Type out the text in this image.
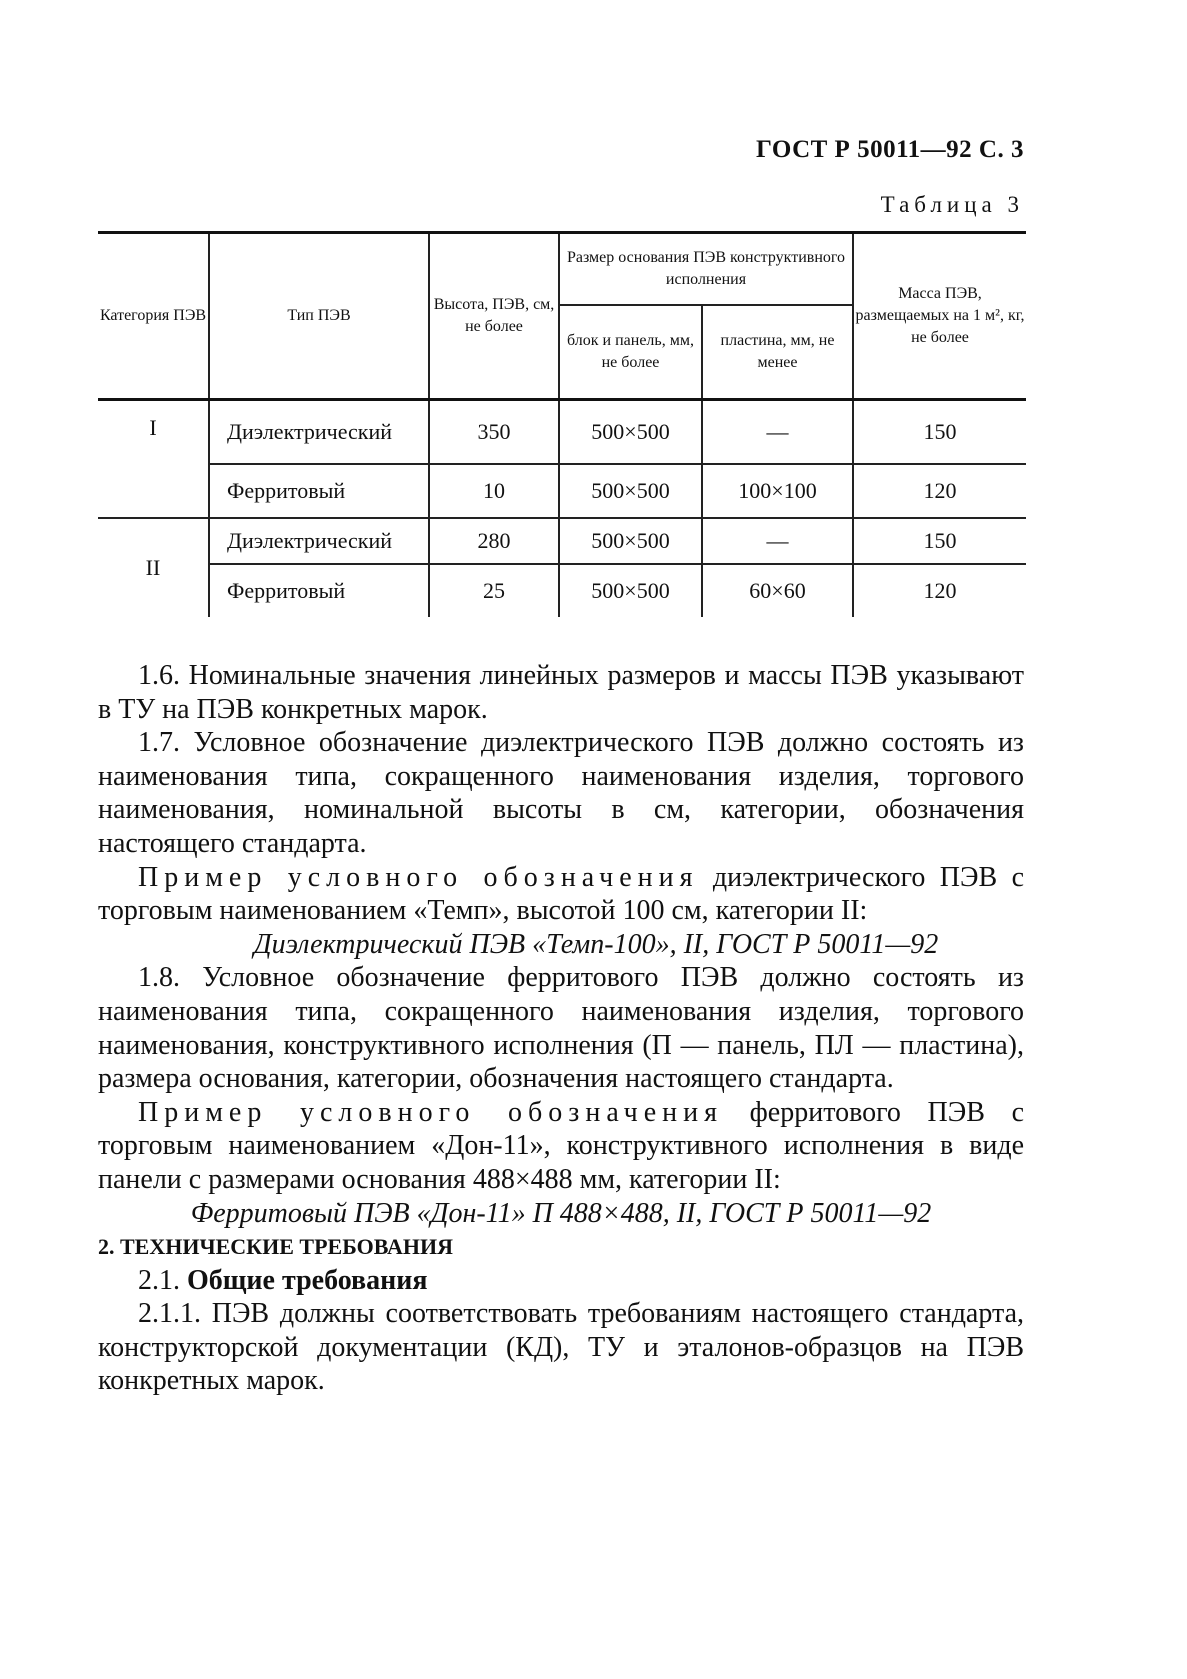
ГОСТ Р 50011—92 С. 3
Таблица 3
Категория ПЭВ	Тип ПЭВ	Высота, ПЭВ, см, не более	Размер основания ПЭВ конструктивного исполнения		Масса ПЭВ, размещаемых на 1 м², кг, не более
			блок и панель, мм, не более	пластина, мм, не менее	
I	Диэлектрический	350	500×500	—	150
	Ферритовый	10	500×500	100×100	120
II	Диэлектрический	280	500×500	—	150
	Ферритовый	25	500×500	60×60	120

1.6. Номинальные значения линейных размеров и массы ПЭВ указывают в ТУ на ПЭВ конкретных марок.

1.7. Условное обозначение диэлектрического ПЭВ должно состоять из наименования типа, сокращенного наименования изделия, торгового наименования, номинальной высоты в см, категории, обозначения настоящего стандарта.

Пример условного обозначения диэлектрического ПЭВ с торговым наименованием «Темп», высотой 100 см, категории II:

Диэлектрический ПЭВ «Темп-100», II, ГОСТ Р 50011—92

1.8. Условное обозначение ферритового ПЭВ должно состоять из наименования типа, сокращенного наименования изделия, торгового наименования, конструктивного исполнения (П — панель, ПЛ — пластина), размера основания, категории, обозначения настоящего стандарта.

Пример условного обозначения ферритового ПЭВ с торговым наименованием «Дон-11», конструктивного исполнения в виде панели с размерами основания 488×488 мм, категории II:

Ферритовый ПЭВ «Дон-11» П 488×488, II, ГОСТ Р 50011—92

2. ТЕХНИЧЕСКИЕ ТРЕБОВАНИЯ

2.1. Общие требования

2.1.1. ПЭВ должны соответствовать требованиям настоящего стандарта, конструкторской документации (КД), ТУ и эталонов-образцов на ПЭВ конкретных марок.
